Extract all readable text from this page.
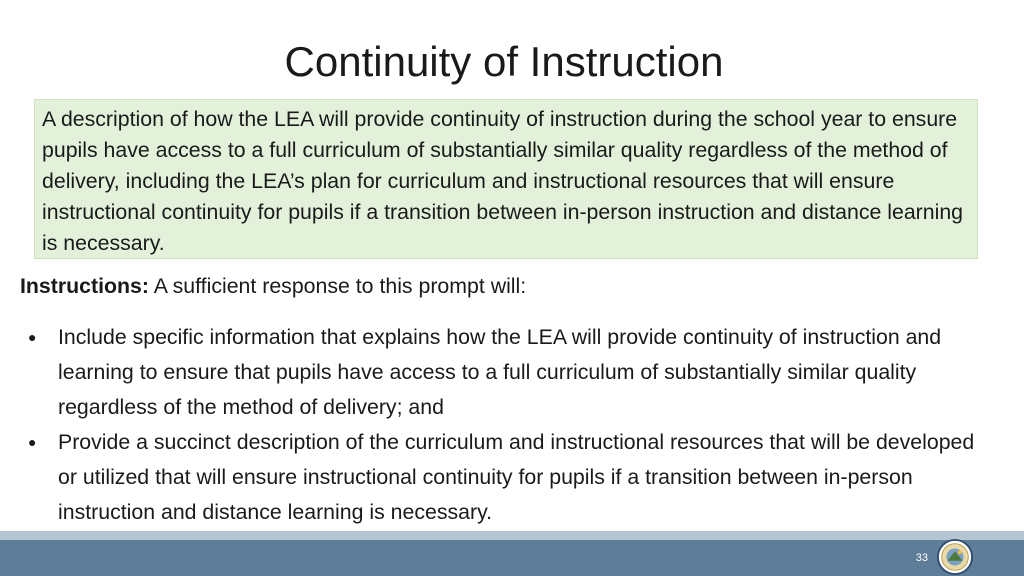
Continuity of Instruction
A description of how the LEA will provide continuity of instruction during the school year to ensure pupils have access to a full curriculum of substantially similar quality regardless of the method of delivery, including the LEA’s plan for curriculum and instructional resources that will ensure instructional continuity for pupils if a transition between in-person instruction and distance learning is necessary.
Instructions: A sufficient response to this prompt will:
● Include specific information that explains how the LEA will provide continuity of instruction and learning to ensure that pupils have access to a full curriculum of substantially similar quality regardless of the method of delivery; and
● Provide a succinct description of the curriculum and instructional resources that will be developed or utilized that will ensure instructional continuity for pupils if a transition between in-person instruction and distance learning is necessary.
33
